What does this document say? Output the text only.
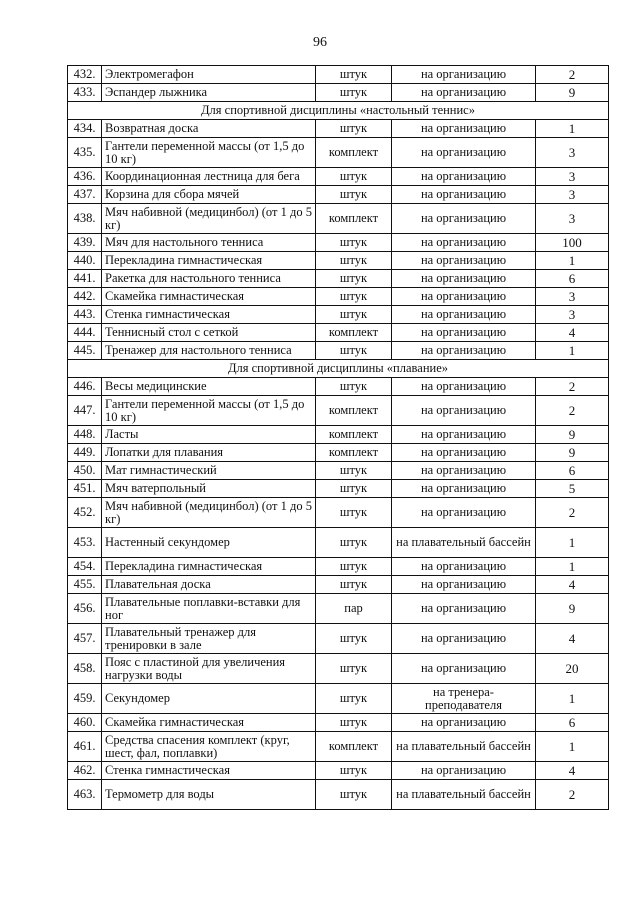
96
432.	Электромегафон	штук	на организацию	2
433.	Эспандер лыжника	штук	на организацию	9
Для спортивной дисциплины «настольный теннис»				
434.	Возвратная доска	штук	на организацию	1
435.	Гантели переменной массы (от 1,5 до 10 кг)	комплект	на организацию	3
436.	Координационная лестница для бега	штук	на организацию	3
437.	Корзина для сбора мячей	штук	на организацию	3
438.	Мяч набивной (медицинбол) (от 1 до 5 кг)	комплект	на организацию	3
439.	Мяч для настольного тенниса	штук	на организацию	100
440.	Перекладина гимнастическая	штук	на организацию	1
441.	Ракетка для настольного тенниса	штук	на организацию	6
442.	Скамейка гимнастическая	штук	на организацию	3
443.	Стенка гимнастическая	штук	на организацию	3
444.	Теннисный стол с сеткой	комплект	на организацию	4
445.	Тренажер для настольного тенниса	штук	на организацию	1
Для спортивной дисциплины «плавание»				
446.	Весы медицинские	штук	на организацию	2
447.	Гантели переменной массы (от 1,5 до 10 кг)	комплект	на организацию	2
448.	Ласты	комплект	на организацию	9
449.	Лопатки для плавания	комплект	на организацию	9
450.	Мат гимнастический	штук	на организацию	6
451.	Мяч ватерпольный	штук	на организацию	5
452.	Мяч набивной (медицинбол) (от 1 до 5 кг)	штук	на организацию	2
453.	Настенный секундомер	штук	на плавательный бассейн	1
454.	Перекладина гимнастическая	штук	на организацию	1
455.	Плавательная доска	штук	на организацию	4
456.	Плавательные поплавки-вставки для ног	пар	на организацию	9
457.	Плавательный тренажер для тренировки в зале	штук	на организацию	4
458.	Пояс с пластиной для увеличения нагрузки воды	штук	на организацию	20
459.	Секундомер	штук	на тренера-преподавателя	1
460.	Скамейка гимнастическая	штук	на организацию	6
461.	Средства спасения комплект (круг, шест, фал, поплавки)	комплект	на плавательный бассейн	1
462.	Стенка гимнастическая	штук	на организацию	4
463.	Термометр для воды	штук	на плавательный бассейн	2
